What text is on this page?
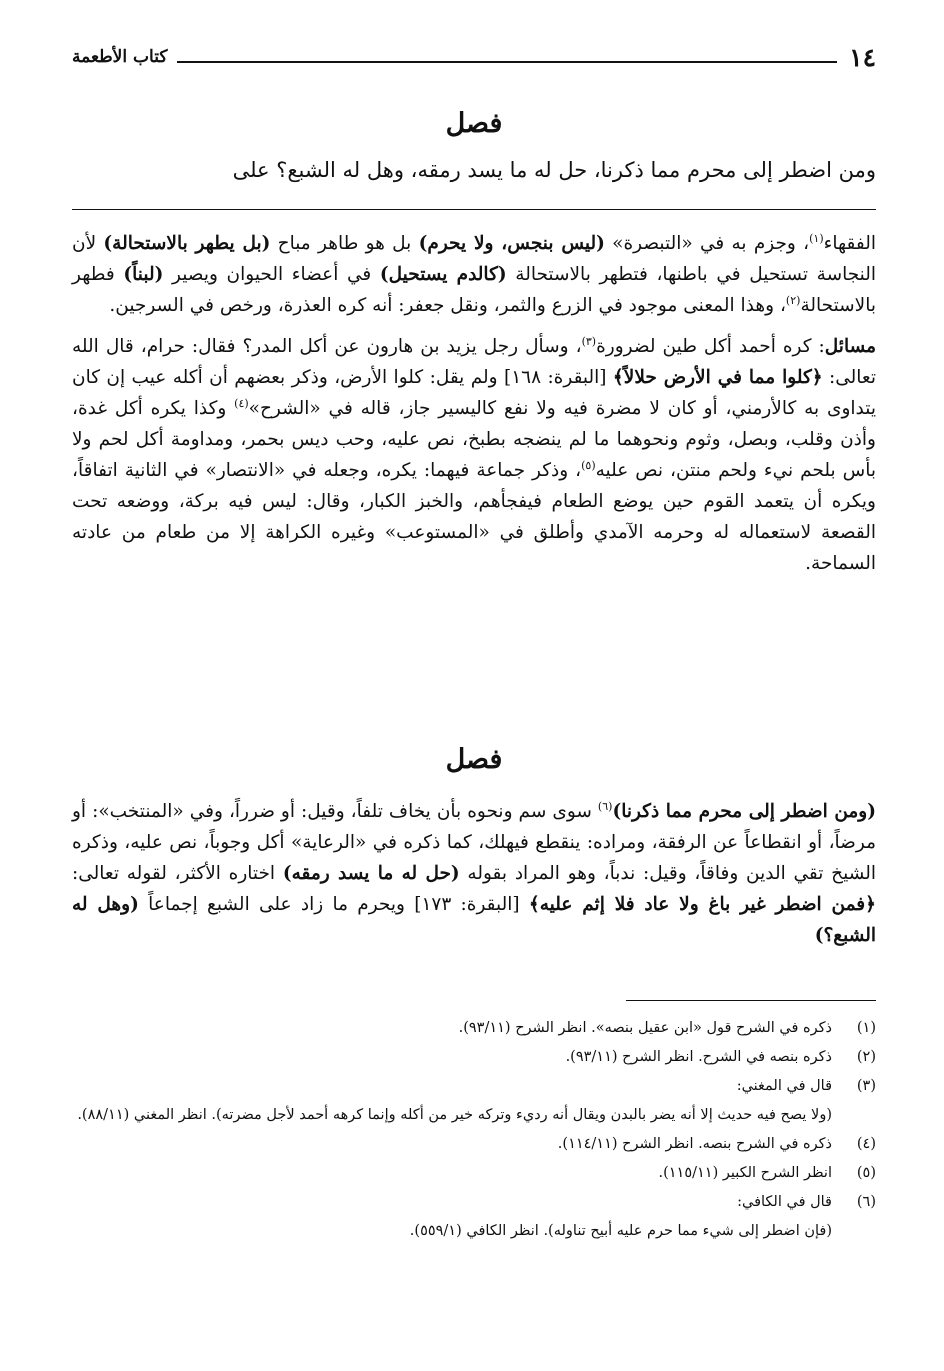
١٤
كتاب الأطعمة
فصل
ومن اضطر إلى محرم مما ذكرنا، حل له ما يسد رمقه، وهل له الشبع؟ على

الفقهاء$^{(١)}$، وجزم به في «التبصرة» (ليس بنجس، ولا يحرم) بل هو طاهر مباح (بل يطهر بالاستحالة) لأن النجاسة تستحيل في باطنها، فتطهر بالاستحالة (كالدم يستحيل) في أعضاء الحيوان ويصير (لبناً) فطهر بالاستحالة$^{(٢)}$، وهذا المعنى موجود في الزرع والثمر، ونقل جعفر: أنه كره العذرة، ورخص في السرجين.

مسائل: كره أحمد أكل طين لضرورة$^{(٣)}$، وسأل رجل يزيد بن هارون عن أكل المدر؟ فقال: حرام، قال الله تعالى: ﴿كلوا مما في الأرض حلالاً﴾ [البقرة: ١٦٨] ولم يقل: كلوا الأرض، وذكر بعضهم أن أكله عيب إن كان يتداوى به كالأرمني، أو كان لا مضرة فيه ولا نفع كاليسير جاز، قاله في «الشرح»$^{(٤)}$ وكذا يكره أكل غدة، وأذن وقلب، وبصل، وثوم ونحوهما ما لم ينضجه بطبخ، نص عليه، وحب ديس بحمر، ومداومة أكل لحم ولا بأس بلحم نيء ولحم منتن، نص عليه$^{(٥)}$، وذكر جماعة فيهما: يكره، وجعله في «الانتصار» في الثانية اتفاقاً، ويكره أن يتعمد القوم حين يوضع الطعام فيفجأهم، والخبز الكبار، وقال: ليس فيه بركة، ووضعه تحت القصعة لاستعماله له وحرمه الآمدي وأطلق في «المستوعب» وغيره الكراهة إلا من طعام من عادته السماحة.

فصل

(ومن اضطر إلى محرم مما ذكرنا)$^{(٦)}$ سوى سم ونحوه بأن يخاف تلفاً، وقيل: أو ضرراً، وفي «المنتخب»: أو مرضاً، أو انقطاعاً عن الرفقة، ومراده: ينقطع فيهلك، كما ذكره في «الرعاية» أكل وجوباً، نص عليه، وذكره الشيخ تقي الدين وفاقاً، وقيل: ندباً، وهو المراد بقوله (حل له ما يسد رمقه) اختاره الأكثر، لقوله تعالى: ﴿فمن اضطر غير باغ ولا عاد فلا إثم عليه﴾ [البقرة: ١٧٣] ويحرم ما زاد على الشبع إجماعاً (وهل له الشبع؟)

(١)
ذكره في الشرح قول «ابن عقيل بنصه». انظر الشرح (٩٣/١١).
(٢)
ذكره بنصه في الشرح. انظر الشرح (٩٣/١١).
(٣)
قال في المغني:
(ولا يصح فيه حديث إلا أنه يضر بالبدن ويقال أنه رديء وتركه خير من أكله وإنما كرهه أحمد لأجل مضرته). انظر المغني (٨٨/١١).
(٤)
ذكره في الشرح بنصه. انظر الشرح (١١٤/١١).
(٥)
انظر الشرح الكبير (١١٥/١١).
(٦)
قال في الكافي:
(فإن اضطر إلى شيء مما حرم عليه أبيح تناوله). انظر الكافي (٥٥٩/١).
